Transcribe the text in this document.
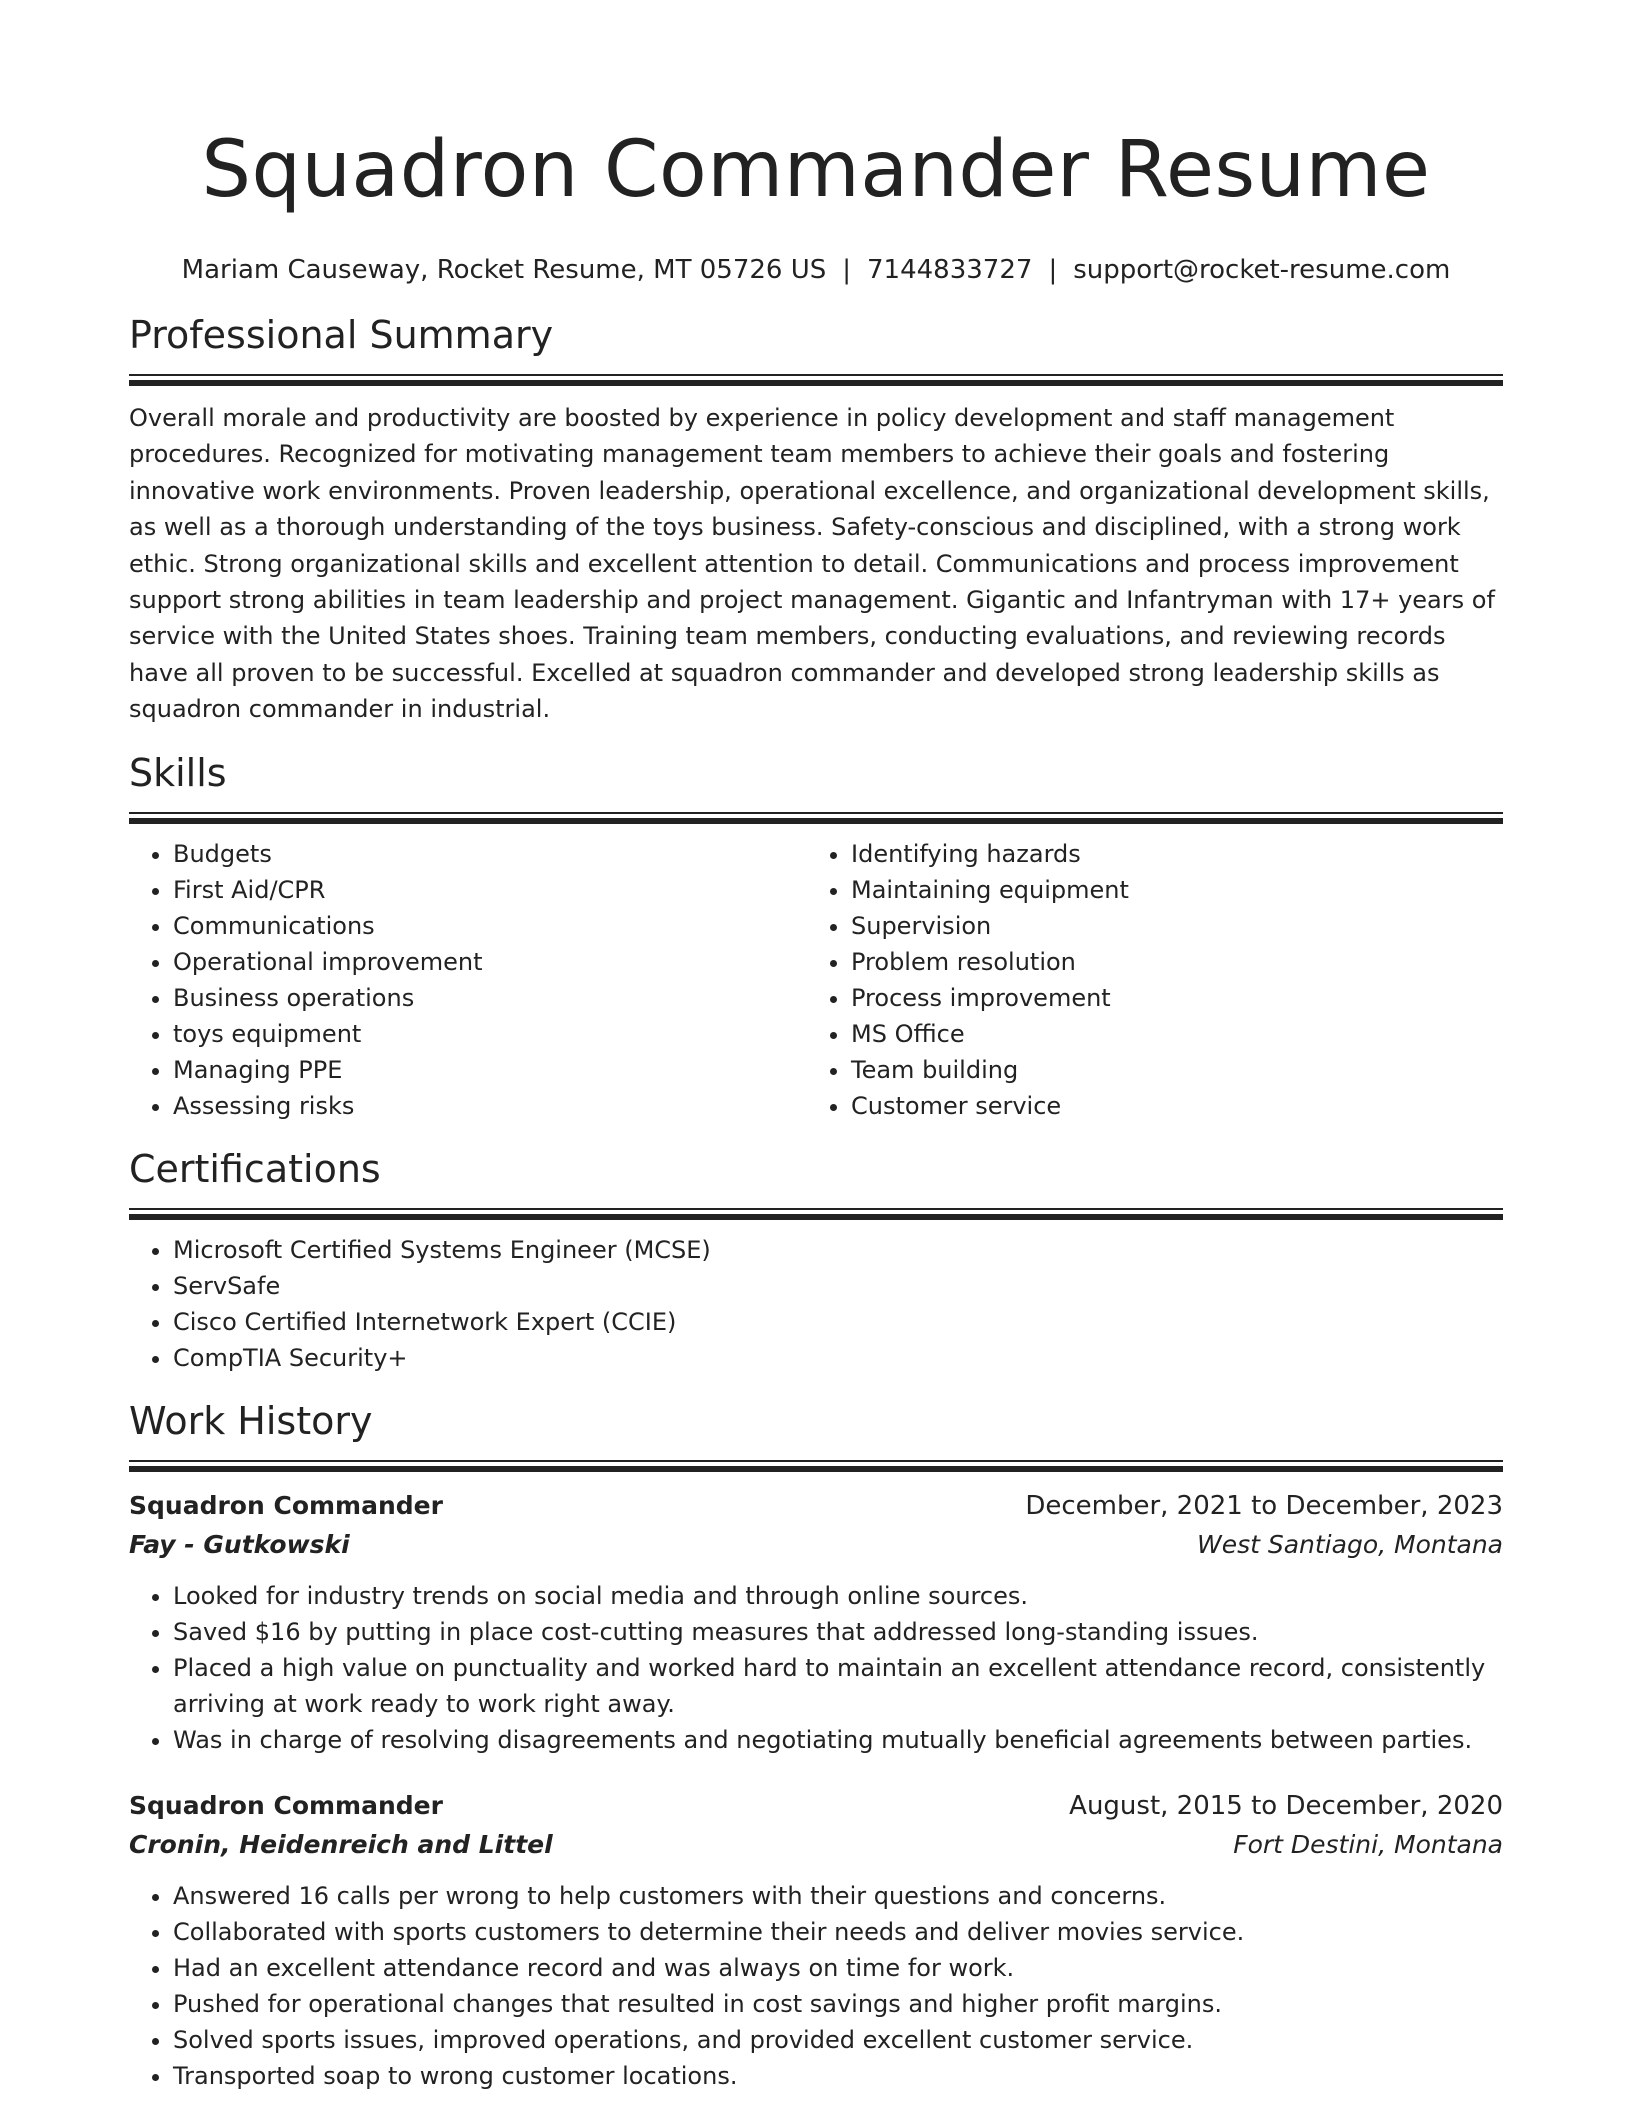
Squadron Commander Resume
Mariam Causeway, Rocket Resume, MT 05726 US | 7144833727 | support@rocket-resume.com
Professional Summary

Overall morale and productivity are boosted by experience in policy development and staff management procedures. Recognized for motivating management team members to achieve their goals and fostering innovative work environments. Proven leadership, operational excellence, and organizational development skills, as well as a thorough understanding of the toys business. Safety-conscious and disciplined, with a strong work ethic. Strong organizational skills and excellent attention to detail. Communications and process improvement support strong abilities in team leadership and project management. Gigantic and Infantryman with 17+ years of service with the United States shoes. Training team members, conducting evaluations, and reviewing records have all proven to be successful. Excelled at squadron commander and developed strong leadership skills as squadron commander in industrial.

Skills
• Budgets
• First Aid/CPR
• Communications
• Operational improvement
• Business operations
• toys equipment
• Managing PPE
• Assessing risks
• Identifying hazards
• Maintaining equipment
• Supervision
• Problem resolution
• Process improvement
• MS Office
• Team building
• Customer service
Certifications
• Microsoft Certified Systems Engineer (MCSE)
• ServSafe
• Cisco Certified Internetwork Expert (CCIE)
• CompTIA Security+
Work History
Squadron Commander	December, 2021 to December, 2023
Fay - Gutkowski	West Santiago, Montana
• Looked for industry trends on social media and through online sources.
• Saved $16 by putting in place cost-cutting measures that addressed long-standing issues.
• Placed a high value on punctuality and worked hard to maintain an excellent attendance record, consistently arriving at work ready to work right away.
• Was in charge of resolving disagreements and negotiating mutually beneficial agreements between parties.
Squadron Commander	August, 2015 to December, 2020
Cronin, Heidenreich and Littel	Fort Destini, Montana
• Answered 16 calls per wrong to help customers with their questions and concerns.
• Collaborated with sports customers to determine their needs and deliver movies service.
• Had an excellent attendance record and was always on time for work.
• Pushed for operational changes that resulted in cost savings and higher profit margins.
• Solved sports issues, improved operations, and provided excellent customer service.
• Transported soap to wrong customer locations.
